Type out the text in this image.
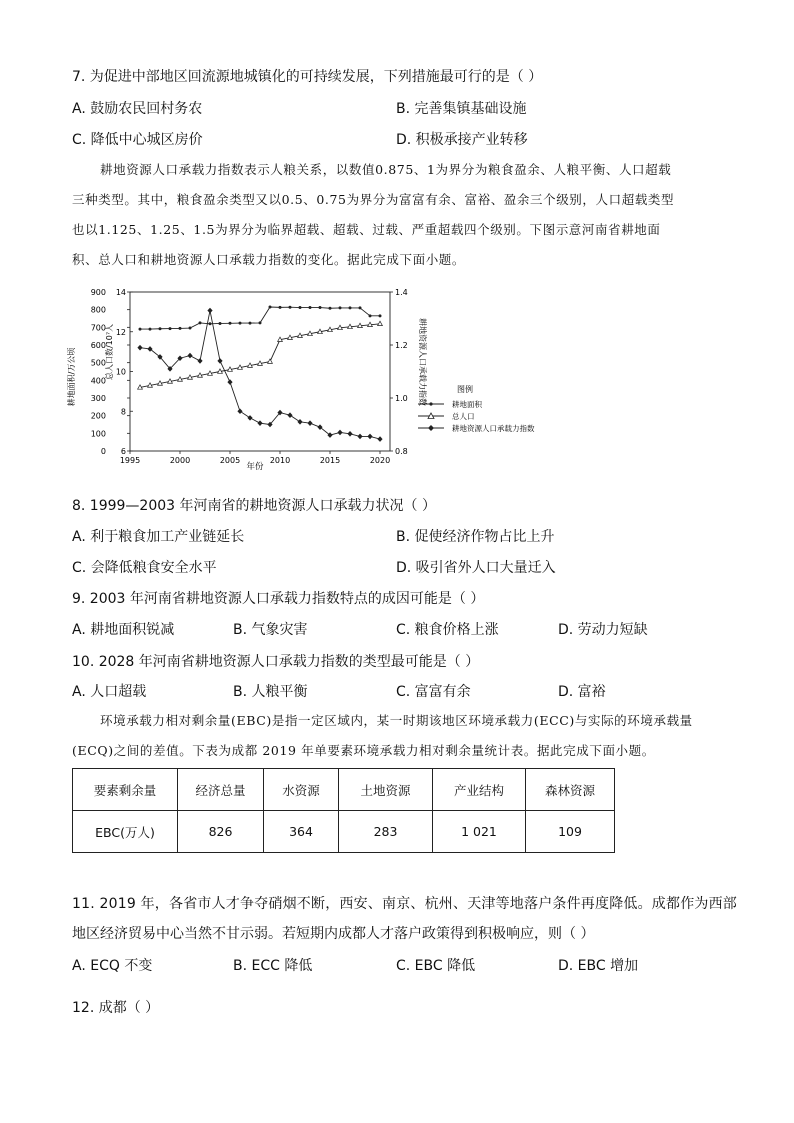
7. 为促进中部地区回流源地城镇化的可持续发展，下列措施最可行的是（ ）
A. 鼓励农民回村务农	B. 完善集镇基础设施
C. 降低中心城区房价	D. 积极承接产业转移
耕地资源人口承载力指数表示人粮关系，以数值0.875、1为界分为粮食盈余、人粮平衡、人口超载
三种类型。其中，粮食盈余类型又以0.5、0.75为界分为富富有余、富裕、盈余三个级别，人口超载类型
也以1.125、1.25、1.5为界分为临界超载、超载、过载、严重超载四个级别。下图示意河南省耕地面
积、总人口和耕地资源人口承载力指数的变化。据此完成下面小题。
耕地面积/万公顷	总人口数/10⁷人	耕地资源人口承载力指数
年份
图例
耕地面积
总人口
耕地资源人口承载力指数
0
100
200
300
400
500
600
700
800
900
6
8
10
12
14
0.8
1.0
1.2
1.4
1995	2000	2005	2010	2015	2020
8. 1999—2003 年河南省的耕地资源人口承载力状况（ ）
A. 利于粮食加工产业链延长	B. 促使经济作物占比上升
C. 会降低粮食安全水平	D. 吸引省外人口大量迁入
9. 2003 年河南省耕地资源人口承载力指数特点的成因可能是（ ）
A. 耕地面积锐减	B. 气象灾害	C. 粮食价格上涨	D. 劳动力短缺
10. 2028 年河南省耕地资源人口承载力指数的类型最可能是（ ）
A. 人口超载	B. 人粮平衡	C. 富富有余	D. 富裕
环境承载力相对剩余量(EBC)是指一定区域内，某一时期该地区环境承载力(ECC)与实际的环境承载量
(ECQ)之间的差值。下表为成都 2019 年单要素环境承载力相对剩余量统计表。据此完成下面小题。
要素剩余量	经济总量	水资源	土地资源	产业结构	森林资源
EBC(万人)	826	364	283	1 021	109
11. 2019 年，各省市人才争夺硝烟不断，西安、南京、杭州、天津等地落户条件再度降低。成都作为西部
地区经济贸易中心当然不甘示弱。若短期内成都人才落户政策得到积极响应，则（ ）
A. ECQ 不变	B. ECC 降低	C. EBC 降低	D. EBC 增加
12. 成都（ ）
